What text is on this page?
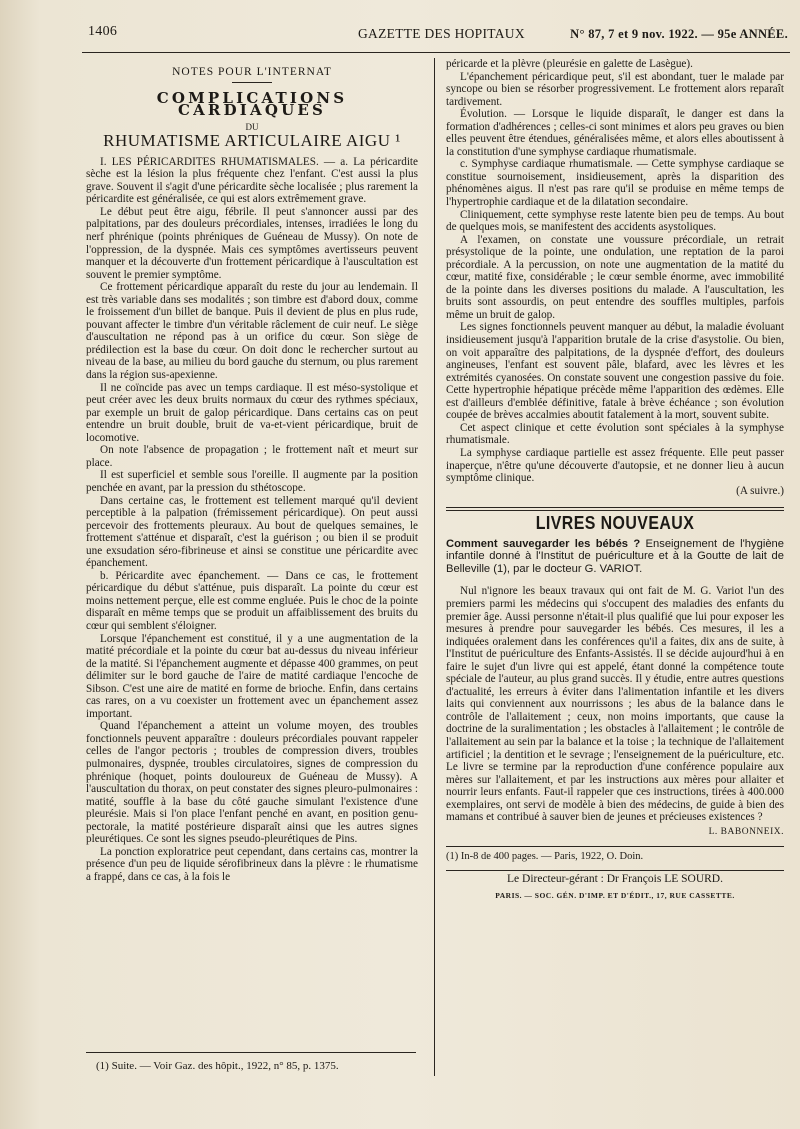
1406	GAZETTE DES HOPITAUX	N° 87, 7 et 9 nov. 1922. — 95e ANNÉE.
NOTES POUR L'INTERNAT
COMPLICATIONS CARDIAQUES
DU
RHUMATISME ARTICULAIRE AIGU ¹

I. LES PÉRICARDITES RHUMATISMALES. — a. La péricardite sèche est la lésion la plus fréquente chez l'enfant. C'est aussi la plus grave. Souvent il s'agit d'une péricardite sèche localisée ; plus rarement la péricardite est généralisée, ce qui est alors extrêmement grave.

Le début peut être aigu, fébrile. Il peut s'annoncer aussi par des palpitations, par des douleurs précordiales, intenses, irradiées le long du nerf phrénique (points phréniques de Guéneau de Mussy). On note de l'oppression, de la dyspnée. Mais ces symptômes avertisseurs peuvent manquer et la découverte d'un frottement péricardique à l'auscultation est souvent le premier symptôme.

Ce frottement péricardique apparaît du reste du jour au lendemain. Il est très variable dans ses modalités ; son timbre est d'abord doux, comme le froissement d'un billet de banque. Puis il devient de plus en plus rude, pouvant affecter le timbre d'un véritable râclement de cuir neuf. Le siège d'auscultation ne répond pas à un orifice du cœur. Son siège de prédilection est la base du cœur. On doit donc le rechercher surtout au niveau de la base, au milieu du bord gauche du sternum, ou plus rarement dans la région sus-apexienne.

Il ne coïncide pas avec un temps cardiaque. Il est méso-systolique et peut créer avec les deux bruits normaux du cœur des rythmes spéciaux, par exemple un bruit de galop péricardique. Dans certains cas on peut entendre un bruit double, bruit de va-et-vient péricardique, bruit de locomotive.

On note l'absence de propagation ; le frottement naît et meurt sur place.

Il est superficiel et semble sous l'oreille. Il augmente par la position penchée en avant, par la pression du sthétoscope.

Dans certaine cas, le frottement est tellement marqué qu'il devient perceptible à la palpation (frémissement péricardique). On peut aussi percevoir des frottements pleuraux. Au bout de quelques semaines, le frottement s'atténue et disparaît, c'est la guérison ; ou bien il se produit une exsudation séro-fibrineuse et ainsi se constitue une péricardite avec épanchement.

b. Péricardite avec épanchement. — Dans ce cas, le frottement péricardique du début s'atténue, puis disparaît. La pointe du cœur est moins nettement perçue, elle est comme engluée. Puis le choc de la pointe disparaît en même temps que se produit un affaiblissement des bruits du cœur qui semblent s'éloigner.

Lorsque l'épanchement est constitué, il y a une augmentation de la matité précordiale et la pointe du cœur bat au-dessus du niveau inférieur de la matité. Si l'épanchement augmente et dépasse 400 grammes, on peut délimiter sur le bord gauche de l'aire de matité cardiaque l'encoche de Sibson. C'est une aire de matité en forme de brioche. Enfin, dans certains cas rares, on a vu coexister un frottement avec un épanchement assez important.

Quand l'épanchement a atteint un volume moyen, des troubles fonctionnels peuvent apparaître : douleurs précordiales pouvant rappeler celles de l'angor pectoris ; troubles de compression divers, troubles pulmonaires, dyspnée, troubles circulatoires, signes de compression du phrénique (hoquet, points douloureux de Guéneau de Mussy). A l'auscultation du thorax, on peut constater des signes pleuro-pulmonaires : matité, souffle à la base du côté gauche simulant l'existence d'une pleurésie. Mais si l'on place l'enfant penché en avant, en position genu-pectorale, la matité postérieure disparaît ainsi que les autres signes pleurétiques. Ce sont les signes pseudo-pleurétiques de Pins.

La ponction exploratrice peut cependant, dans certains cas, montrer la présence d'un peu de liquide sérofibrineux dans la plèvre : le rhumatisme a frappé, dans ce cas, à la fois le

(1) Suite. — Voir Gaz. des hôpit., 1922, n° 85, p. 1375.

péricarde et la plèvre (pleurésie en galette de Lasègue).

L'épanchement péricardique peut, s'il est abondant, tuer le malade par syncope ou bien se résorber progressivement. Le frottement alors reparaît tardivement.

Évolution. — Lorsque le liquide disparaît, le danger est dans la formation d'adhérences ; celles-ci sont minimes et alors peu graves ou bien elles peuvent être étendues, généralisées même, et alors elles aboutissent à la constitution d'une symphyse cardiaque rhumatismale.

c. Symphyse cardiaque rhumatismale. — Cette symphyse cardiaque se constitue sournoisement, insidieusement, après la disparition des phénomènes aigus. Il n'est pas rare qu'il se produise en même temps de l'hypertrophie cardiaque et de la dilatation secondaire.

Cliniquement, cette symphyse reste latente bien peu de temps. Au bout de quelques mois, se manifestent des accidents asystoliques.

A l'examen, on constate une voussure précordiale, un retrait présystolique de la pointe, une ondulation, une reptation de la paroi précordiale. A la percussion, on note une augmentation de la matité du cœur, matité fixe, considérable ; le cœur semble énorme, avec immobilité de la pointe dans les diverses positions du malade. A l'auscultation, les bruits sont assourdis, on peut entendre des souffles multiples, parfois même un bruit de galop.

Les signes fonctionnels peuvent manquer au début, la maladie évoluant insidieusement jusqu'à l'apparition brutale de la crise d'asystolie. Ou bien, on voit apparaître des palpitations, de la dyspnée d'effort, des douleurs angineuses, l'enfant est souvent pâle, blafard, avec les lèvres et les extrémités cyanosées. On constate souvent une congestion passive du foie. Cette hypertrophie hépatique précède même l'apparition des œdèmes. Elle est d'ailleurs d'emblée définitive, fatale à brève échéance ; son évolution coupée de brèves accalmies aboutit fatalement à la mort, souvent subite.

Cet aspect clinique et cette évolution sont spéciales à la symphyse rhumatismale.

La symphyse cardiaque partielle est assez fréquente. Elle peut passer inaperçue, n'être qu'une découverte d'autopsie, et ne donner lieu à aucun symptôme clinique.

(A suivre.)
LIVRES NOUVEAUX
Comment sauvegarder les bébés ? Enseignement de l'hygiène infantile donné à l'Institut de puériculture et à la Goutte de lait de Belleville (1), par le docteur G. VARIOT.

Nul n'ignore les beaux travaux qui ont fait de M. G. Variot l'un des premiers parmi les médecins qui s'occupent des maladies des enfants du premier âge. Aussi personne n'était-il plus qualifié que lui pour exposer les mesures à prendre pour sauvegarder les bébés. Ces mesures, il les a indiquées oralement dans les conférences qu'il a faites, dix ans de suite, à l'Institut de puériculture des Enfants-Assistés. Il se décide aujourd'hui à en faire le sujet d'un livre qui est appelé, étant donné la compétence toute spéciale de l'auteur, au plus grand succès. Il y étudie, entre autres questions d'actualité, les erreurs à éviter dans l'alimentation infantile et les divers laits qui conviennent aux nourrissons ; les abus de la balance dans le contrôle de l'allaitement ; ceux, non moins importants, que cause la doctrine de la suralimentation ; les obstacles à l'allaitement ; le contrôle de l'allaitement au sein par la balance et la toise ; la technique de l'allaitement artificiel ; la dentition et le sevrage ; l'enseignement de la puériculture, etc. Le livre se termine par la reproduction d'une conférence populaire aux mères sur l'allaitement, et par les instructions aux mères pour allaiter et nourrir leurs enfants. Faut-il rappeler que ces instructions, tirées à 400.000 exemplaires, ont servi de modèle à bien des médecins, de guide à bien des mamans et contribué à sauver bien de jeunes et précieuses existences ?

L. BABONNEIX.
(1) In-8 de 400 pages. — Paris, 1922, O. Doin.
Le Directeur-gérant : Dr François LE SOURD.
PARIS. — SOC. GÉN. D'IMP. ET D'ÉDIT., 17, RUE CASSETTE.
